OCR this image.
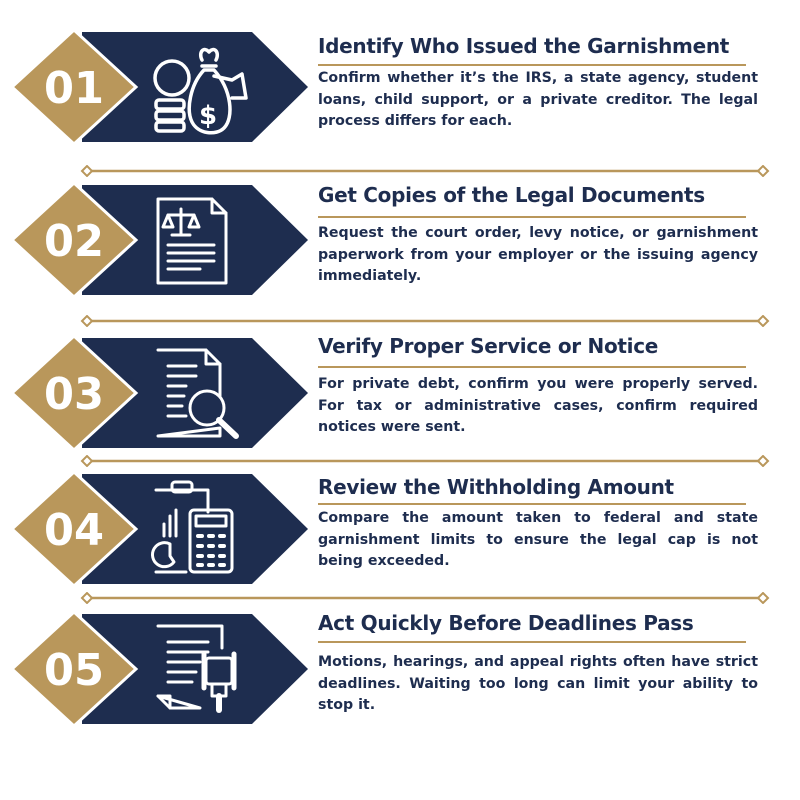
01
$
Identify Who Issued the Garnishment
Confirm whether it’s the IRS, a state agency, student loans, child support, or a private creditor. The legal process differs for each.
02
Get Copies of the Legal Documents
Request the court order, levy notice, or garnishment paperwork from your employer or the issuing agency immediately.
03
Verify Proper Service or Notice
For private debt, confirm you were properly served. For tax or administrative cases, confirm required notices were sent.
04
Review the Withholding Amount
Compare the amount taken to federal and state garnishment limits to ensure the legal cap is not being exceeded.
05
Act Quickly Before Deadlines Pass
Motions, hearings, and appeal rights often have strict deadlines. Waiting too long can limit your ability to stop it.
